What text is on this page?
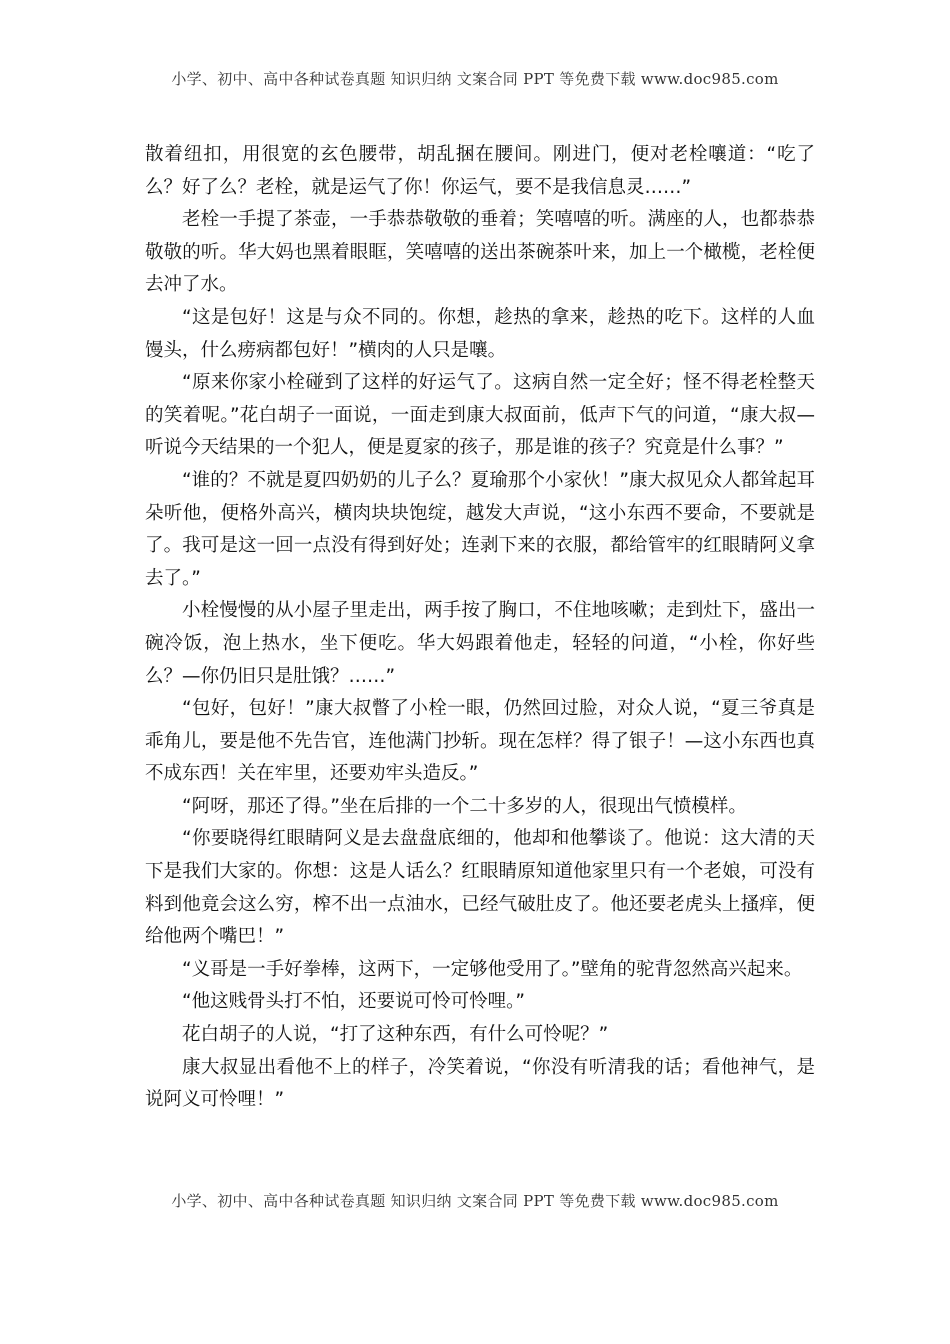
小学、初中、高中各种试卷真题 知识归纳 文案合同 PPT 等免费下载 www.doc985.com

散着纽扣，用很宽的玄色腰带，胡乱捆在腰间。刚进门，便对老栓嚷道：“吃了么？好了么？老栓，就是运气了你！你运气，要不是我信息灵……”

老栓一手提了茶壶，一手恭恭敬敬的垂着；笑嘻嘻的听。满座的人，也都恭恭敬敬的听。华大妈也黑着眼眶，笑嘻嘻的送出茶碗茶叶来，加上一个橄榄，老栓便去冲了水。

“这是包好！这是与众不同的。你想，趁热的拿来，趁热的吃下。这样的人血馒头，什么痨病都包好！”横肉的人只是嚷。

“原来你家小栓碰到了这样的好运气了。这病自然一定全好；怪不得老栓整天的笑着呢。”花白胡子一面说，一面走到康大叔面前，低声下气的问道，“康大叔—听说今天结果的一个犯人，便是夏家的孩子，那是谁的孩子？究竟是什么事？”

“谁的？不就是夏四奶奶的儿子么？夏瑜那个小家伙！”康大叔见众人都耸起耳朵听他，便格外高兴，横肉块块饱绽，越发大声说，“这小东西不要命，不要就是了。我可是这一回一点没有得到好处；连剥下来的衣服，都给管牢的红眼睛阿义拿去了。”

小栓慢慢的从小屋子里走出，两手按了胸口，不住地咳嗽；走到灶下，盛出一碗冷饭，泡上热水，坐下便吃。华大妈跟着他走，轻轻的问道，“小栓，你好些么？—你仍旧只是肚饿？……”

“包好，包好！”康大叔瞥了小栓一眼，仍然回过脸，对众人说，“夏三爷真是乖角儿，要是他不先告官，连他满门抄斩。现在怎样？得了银子！—这小东西也真不成东西！关在牢里，还要劝牢头造反。”

“阿呀，那还了得。”坐在后排的一个二十多岁的人，很现出气愤模样。

“你要晓得红眼睛阿义是去盘盘底细的，他却和他攀谈了。他说：这大清的天下是我们大家的。你想：这是人话么？红眼睛原知道他家里只有一个老娘，可没有料到他竟会这么穷，榨不出一点油水，已经气破肚皮了。他还要老虎头上搔痒，便给他两个嘴巴！”

“义哥是一手好拳棒，这两下，一定够他受用了。”壁角的驼背忽然高兴起来。

“他这贱骨头打不怕，还要说可怜可怜哩。”

花白胡子的人说，“打了这种东西，有什么可怜呢？”

康大叔显出看他不上的样子，冷笑着说，“你没有听清我的话；看他神气，是说阿义可怜哩！”

小学、初中、高中各种试卷真题 知识归纳 文案合同 PPT 等免费下载 www.doc985.com
